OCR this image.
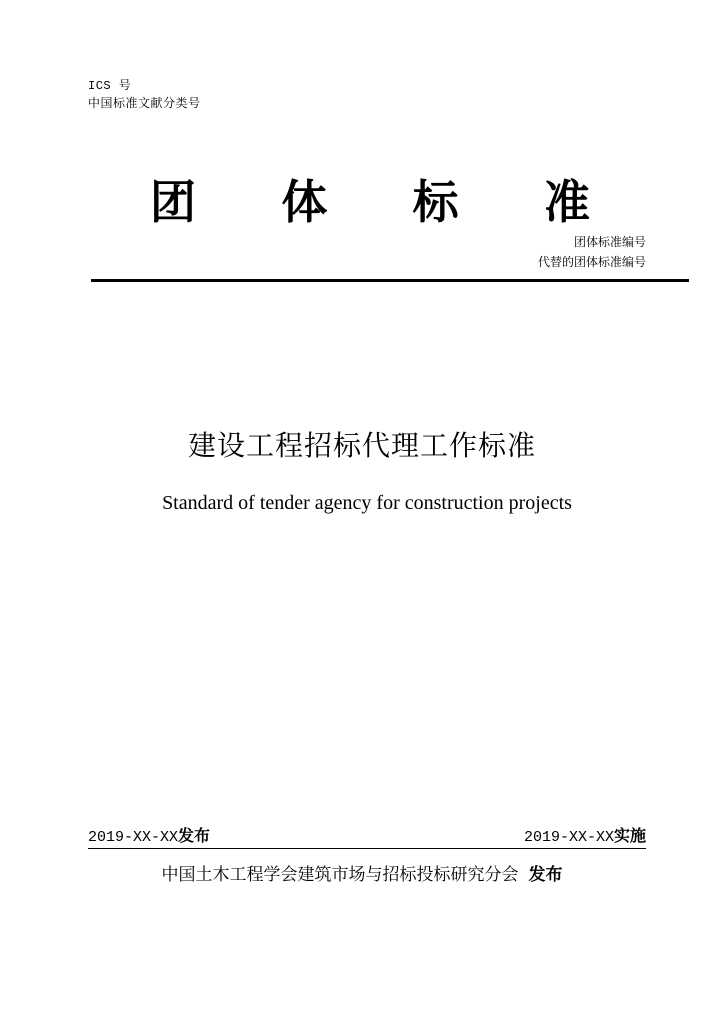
ICS 号
中国标准文献分类号
团 体 标 准
团体标准编号
代替的团体标准编号
建设工程招标代理工作标准
Standard of tender agency for construction projects
2019-XX-XX发布	2019-XX-XX实施
中国土木工程学会建筑市场与招标投标研究分会 发布
